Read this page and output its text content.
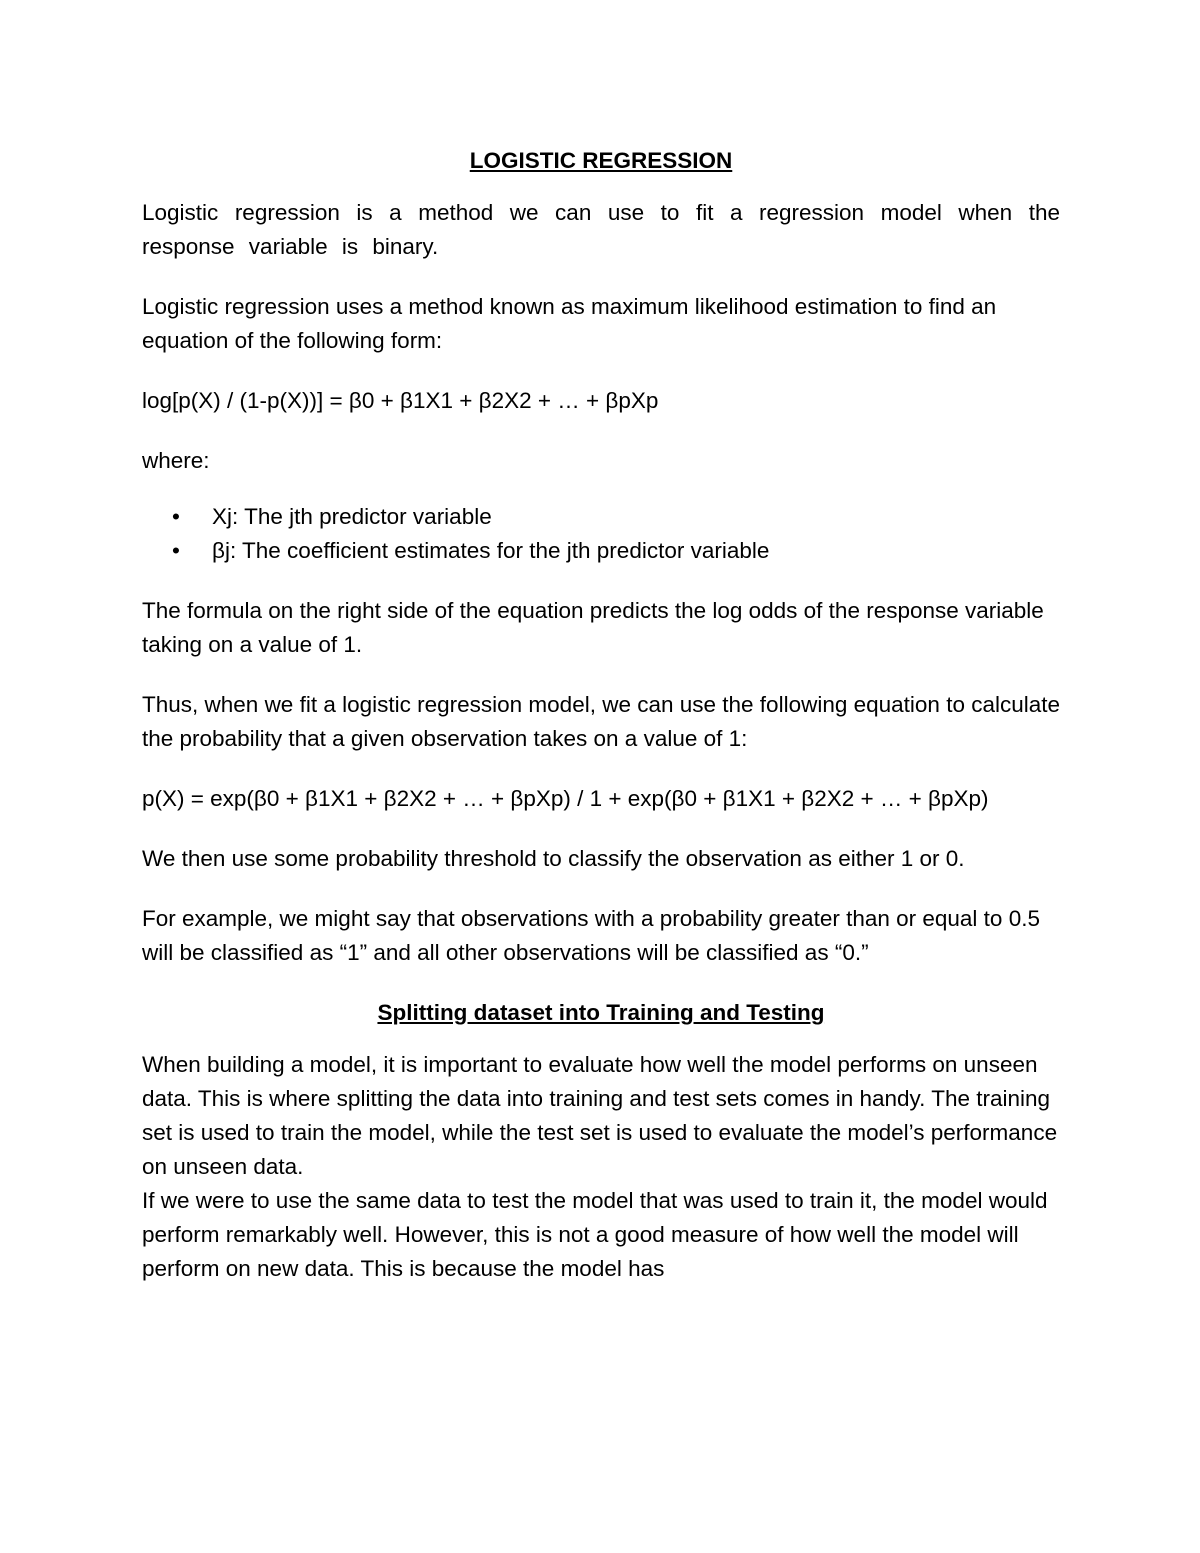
LOGISTIC REGRESSION

Logistic regression is a method we can use to fit a regression model when the response variable is binary.

Logistic regression uses a method known as maximum likelihood estimation to find an equation of the following form:

log[p(X) / (1-p(X))] = β0 + β1X1 + β2X2 + … + βpXp

where:

• Xj: The jth predictor variable
• βj: The coefficient estimates for the jth predictor variable

The formula on the right side of the equation predicts the log odds of the response variable taking on a value of 1.

Thus, when we fit a logistic regression model, we can use the following equation to calculate the probability that a given observation takes on a value of 1:

p(X) = exp(β0 + β1X1 + β2X2 + … + βpXp) / 1 + exp(β0 + β1X1 + β2X2 + … + βpXp)

We then use some probability threshold to classify the observation as either 1 or 0.

For example, we might say that observations with a probability greater than or equal to 0.5 will be classified as “1” and all other observations will be classified as “0.”

Splitting dataset into Training and Testing

When building a model, it is important to evaluate how well the model performs on unseen data. This is where splitting the data into training and test sets comes in handy. The training set is used to train the model, while the test set is used to evaluate the model’s performance on unseen data.

If we were to use the same data to test the model that was used to train it, the model would perform remarkably well. However, this is not a good measure of how well the model will perform on new data. This is because the model has
